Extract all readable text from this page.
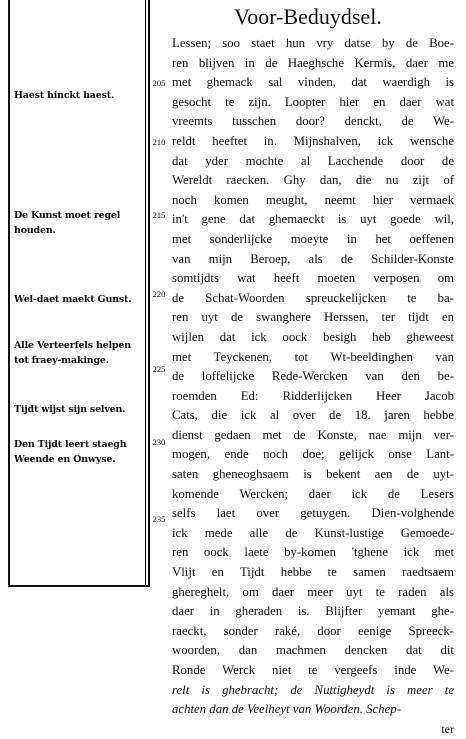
Voor-Beduydsel.
205
210
215
220
225
230
235
Haest hinckt haest.
De Kunst moet regel houden.
Wel-daet maekt Gunst.
Alle Verteerfels helpen tot fraey-makinge.
Tijdt wijst sijn selven.
Den Tijdt leert staegh Weende en Onwyse.
Lessen; soo staet hun vry datse by de Boe-
ren blijven in de Haeghsche Kermis, daer me
met ghemack sal vinden, dat waerdigh is
gesocht te zijn. Loopter hier en daer wat
vreemts tusschen door? denckt, de We-
reldt heeftet in. Mijnshalven, ick wensche
dat yder mochte al Lacchende door de
Wereldt raecken. Ghy dan, die nu zijt of
noch komen meught, neemt hier vermaek
in't gene dat ghemaeckt is uyt goede wil,
met sonderlijcke moeyte in het oeffenen
van mijn Beroep, als de Schilder-Konste
somtijdts wat heeft moeten verposen om
de Schat-Woorden spreuckelijcken te ba-
ren uyt de swanghere Herssen, ter tijdt en
wijlen dat ick oock besigh heb gheweest
met Teyckenen, tot Wt-beeldinghen van
de loffelijcke Rede-Wercken van den be-
roemden Ed: Ridderlijcken Heer Jacob
Cats, die ick al over de 18. jaren hebbe
dienst gedaen met de Konste, nae mijn ver-
mogen, ende noch doe; gelijck onse Lant-
saten gheneoghsaem is bekent aen de uyt-
komende Wercken; daer ick de Lesers
selfs laet over getuygen. Dien-volghende
ick mede alle de Kunst-lustige Gemoede-
ren oock laete by-komen 'tghene ick met
Vlijt en Tijdt hebbe te samen raedtsaem
ghereghelt, om daer meer uyt te raden als
daer in gheraden is. Blijfter yemant ghe-
raeckt, sonder raké, door eenige Spreeck-
woorden, dan machmen dencken dat dit
Ronde Werck niet te vergeefs inde We-
relt is ghebracht; de Nuttigheydt is meer te
achten dan de Veelheyt van Woorden. Schep-
ter
